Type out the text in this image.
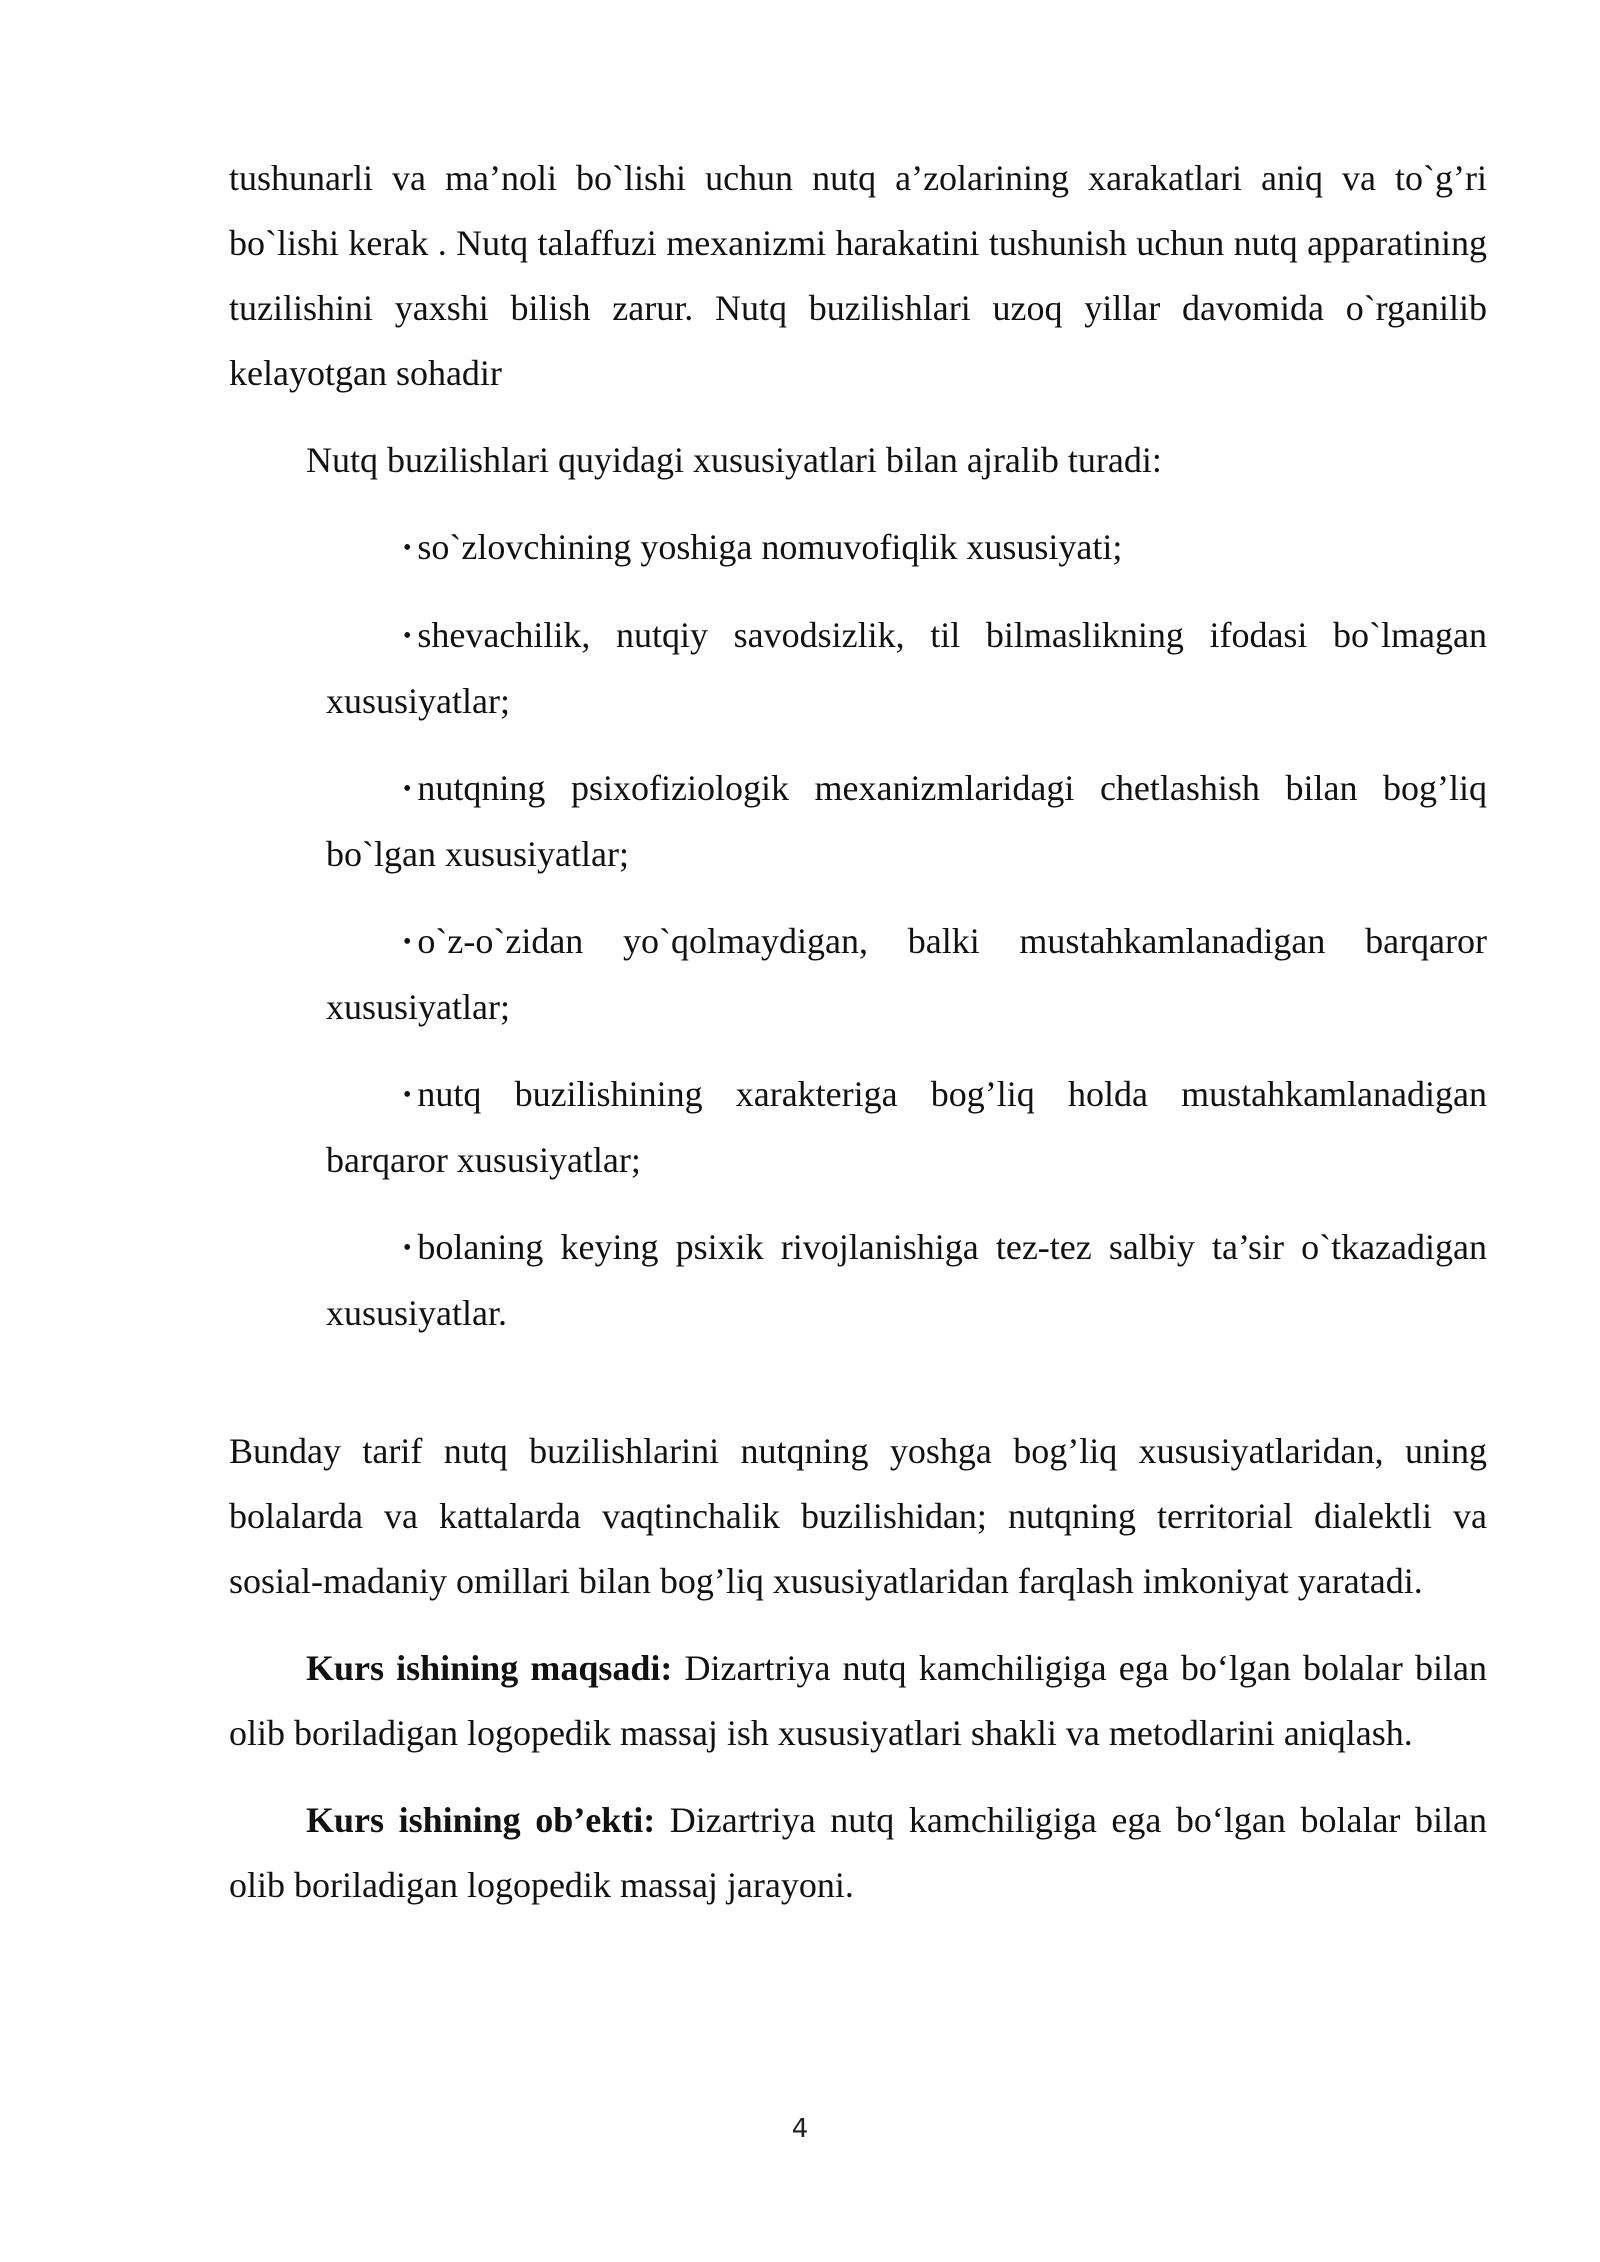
tushunarli va ma’noli bo`lishi uchun nutq a’zolarining xarakatlari aniq va to`g’ri bo`lishi kerak . Nutq talaffuzi mexanizmi harakatini tushunish uchun nutq apparatining tuzilishini yaxshi bilish zarur. Nutq buzilishlari uzoq yillar davomida o`rganilib kelayotgan sohadir

Nutq buzilishlari quyidagi xususiyatlari bilan ajralib turadi:

• so`zlovchining yoshiga nomuvofiqlik xususiyati;
• shevachilik, nutqiy savodsizlik, til bilmaslikning ifodasi bo`lmagan xususiyatlar;
• nutqning psixofiziologik mexanizmlaridagi chetlashish bilan bog’liq bo`lgan xususiyatlar;
• o`z-o`zidan yo`qolmaydigan, balki mustahkamlanadigan barqaror xususiyatlar;
• nutq buzilishining xarakteriga bog’liq holda mustahkamlanadigan barqaror xususiyatlar;
• bolaning keying psixik rivojlanishiga tez-tez salbiy ta’sir o`tkazadigan xususiyatlar.

Bunday tarif nutq buzilishlarini nutqning yoshga bog’liq xususiyatlaridan, uning bolalarda va kattalarda vaqtinchalik buzilishidan; nutqning territorial dialektli va sosial-madaniy omillari bilan bog’liq xususiyatlaridan farqlash imkoniyat yaratadi.

Kurs ishining maqsadi: Dizartriya nutq kamchiligiga ega bo‘lgan bolalar bilan olib boriladigan logopedik massaj ish xususiyatlari shakli va metodlarini aniqlash.

Kurs ishining ob’ekti: Dizartriya nutq kamchiligiga ega bo‘lgan bolalar bilan olib boriladigan logopedik massaj jarayoni.

4
